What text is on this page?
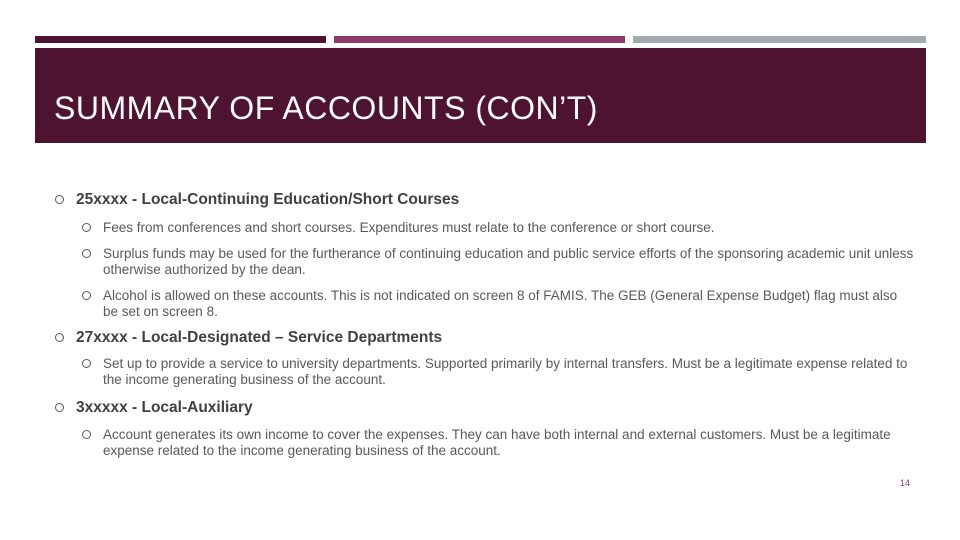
SUMMARY OF ACCOUNTS (CON’T)
25xxxx - Local-Continuing Education/Short Courses
Fees from conferences and short courses. Expenditures must relate to the conference or short course.
Surplus funds may be used for the furtherance of continuing education and public service efforts of the sponsoring academic unit unless otherwise authorized by the dean.
Alcohol is allowed on these accounts. This is not indicated on screen 8 of FAMIS. The GEB (General Expense Budget) flag must also be set on screen 8.
27xxxx - Local-Designated – Service Departments
Set up to provide a service to university departments. Supported primarily by internal transfers. Must be a legitimate expense related to the income generating business of the account.
3xxxxx - Local-Auxiliary
Account generates its own income to cover the expenses. They can have both internal and external customers. Must be a legitimate expense related to the income generating business of the account.
14
